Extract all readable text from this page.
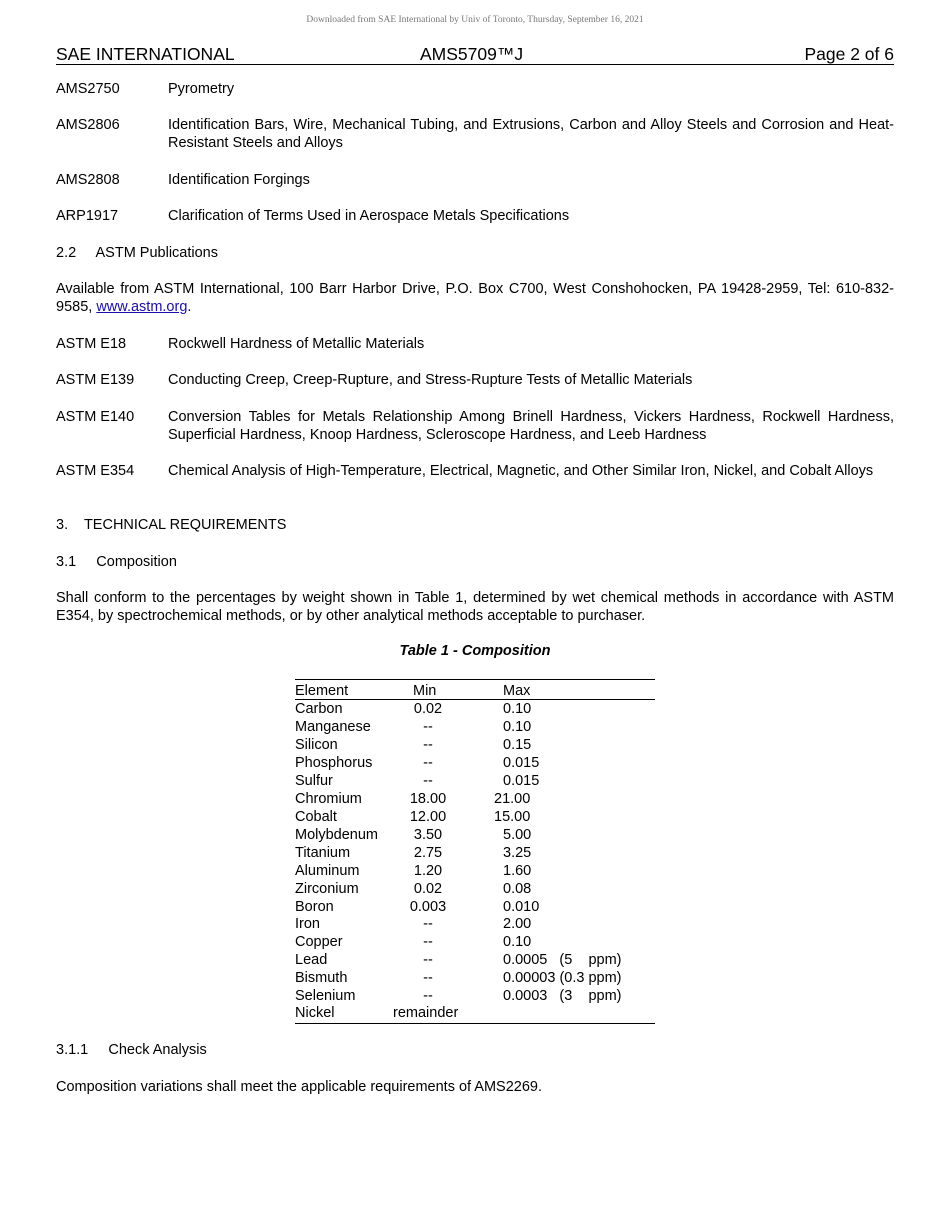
Downloaded from SAE International by Univ of Toronto, Thursday, September 16, 2021
SAE INTERNATIONAL	AMS5709™J	Page 2 of 6
AMS2750	Pyrometry
AMS2806	Identification Bars, Wire, Mechanical Tubing, and Extrusions, Carbon and Alloy Steels and Corrosion and Heat-Resistant Steels and Alloys
AMS2808	Identification Forgings
ARP1917	Clarification of Terms Used in Aerospace Metals Specifications
2.2     ASTM Publications
Available from ASTM International, 100 Barr Harbor Drive, P.O. Box C700, West Conshohocken, PA 19428-2959, Tel: 610-832-9585, www.astm.org.
ASTM E18	Rockwell Hardness of Metallic Materials
ASTM E139 Conducting Creep, Creep-Rupture, and Stress-Rupture Tests of Metallic Materials
ASTM E140 Conversion Tables for Metals Relationship Among Brinell Hardness, Vickers Hardness, Rockwell Hardness, Superficial Hardness, Knoop Hardness, Scleroscope Hardness, and Leeb Hardness
ASTM E354 Chemical Analysis of High-Temperature, Electrical, Magnetic, and Other Similar Iron, Nickel, and Cobalt Alloys
3.    TECHNICAL REQUIREMENTS
3.1     Composition
Shall conform to the percentages by weight shown in Table 1, determined by wet chemical methods in accordance with ASTM E354, by spectrochemical methods, or by other analytical methods acceptable to purchaser.
Table 1 - Composition
Element	Min	Max
Carbon	0.02	0.10
Manganese	--	0.10
Silicon	--	0.15
Phosphorus	--	0.015
Sulfur	--	0.015
Chromium	18.00	21.00
Cobalt	12.00	15.00
Molybdenum	3.50	5.00
Titanium	2.75	3.25
Aluminum	1.20	1.60
Zirconium	0.02	0.08
Boron	0.003	0.010
Iron	--	2.00
Copper	--	0.10
Lead	--	0.0005   (5    ppm)
Bismuth	--	0.00003 (0.3 ppm)
Selenium	--	0.0003   (3    ppm)
Nickel	remainder
3.1.1     Check Analysis
Composition variations shall meet the applicable requirements of AMS2269.
